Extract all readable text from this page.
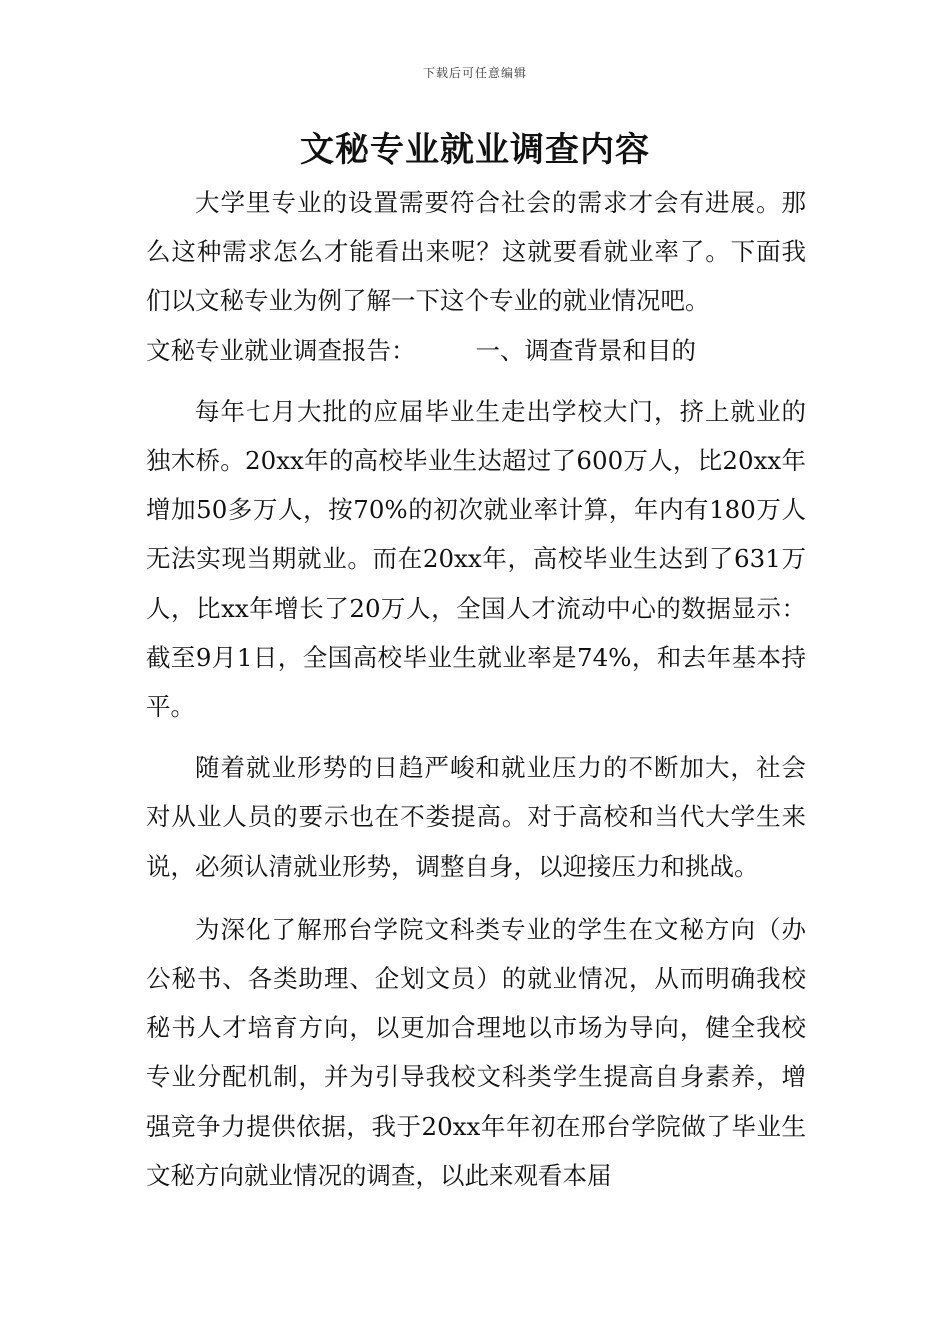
下载后可任意编辑
文秘专业就业调查内容

大学里专业的设置需要符合社会的需求才会有进展。那么这种需求怎么才能看出来呢？这就要看就业率了。下面我们以文秘专业为例了解一下这个专业的就业情况吧。

文秘专业就业调查报告： 一、调查背景和目的

每年七月大批的应届毕业生走出学校大门，挤上就业的独木桥。20xx年的高校毕业生达超过了600万人，比20xx年增加50多万人，按70%的初次就业率计算，年内有180万人无法实现当期就业。而在20xx年，高校毕业生达到了631万人，比xx年增长了20万人，全国人才流动中心的数据显示：截至9月1日，全国高校毕业生就业率是74%，和去年基本持平。

随着就业形势的日趋严峻和就业压力的不断加大，社会对从业人员的要示也在不娄提高。对于高校和当代大学生来说，必须认清就业形势，调整自身，以迎接压力和挑战。

为深化了解邢台学院文科类专业的学生在文秘方向（办公秘书、各类助理、企划文员）的就业情况，从而明确我校秘书人才培育方向，以更加合理地以市场为导向，健全我校专业分配机制，并为引导我校文科类学生提高自身素养，增强竞争力提供依据，我于20xx年年初在邢台学院做了毕业生文秘方向就业情况的调查，以此来观看本届
